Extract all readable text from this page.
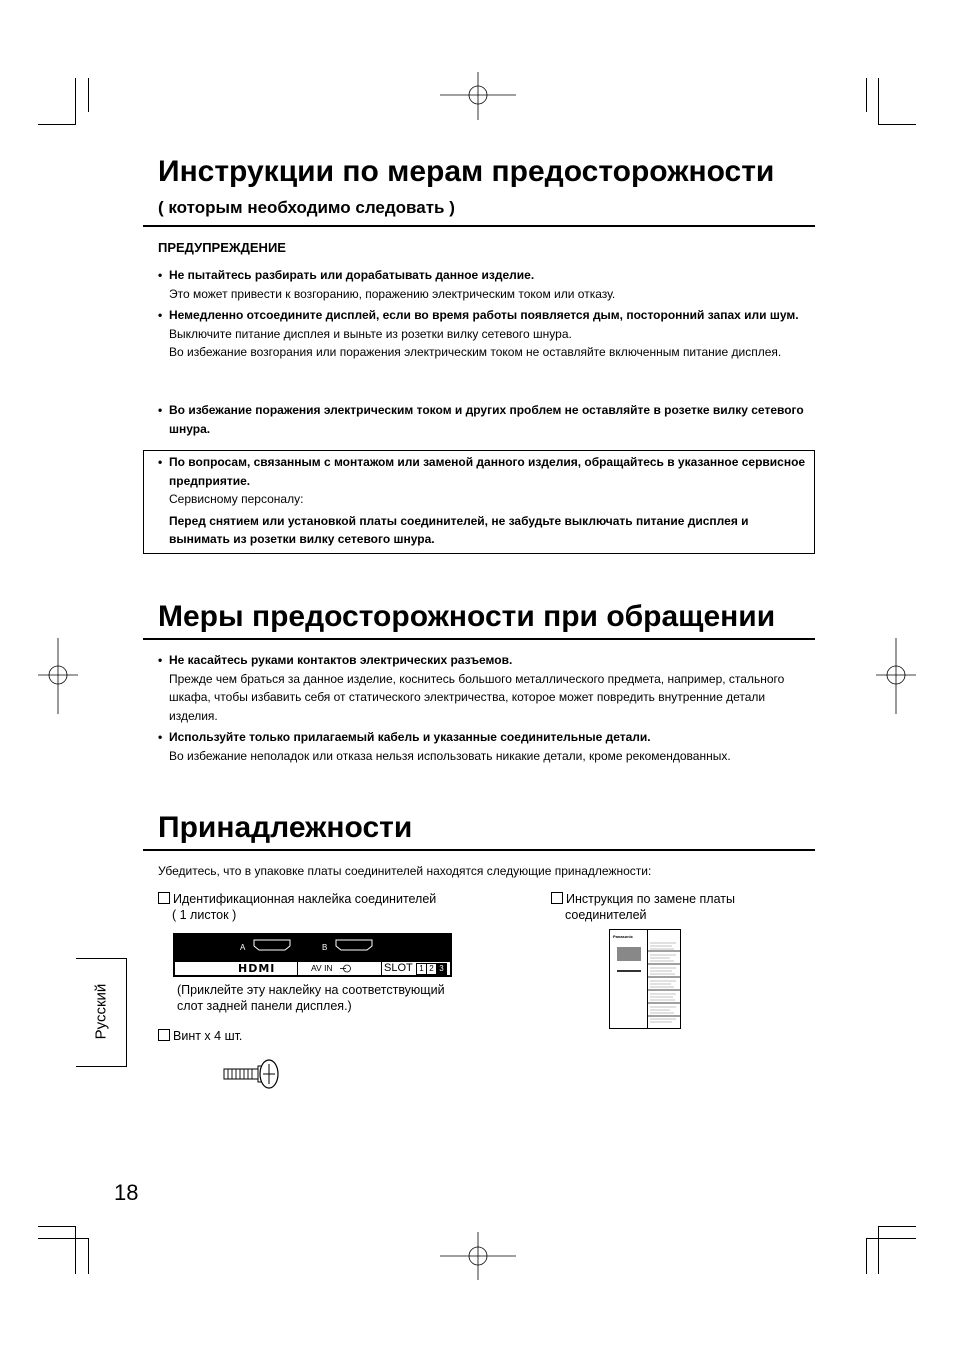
Инструкции по мерам предосторожности
( которым необходимо следовать )
ПРЕДУПРЕЖДЕНИЕ
• Не пытайтесь разбирать или дорабатывать данное изделие.

Это может привести к возгоранию, поражению электрическим током или отказу.

• Немедленно отсоедините дисплей, если во время работы появляется дым, посторонний запах или шум.

Выключите питание дисплея и выньте из розетки вилку сетевого шнура.

Во избежание возгорания или поражения электрическим током не оставляйте включенным питание дисплея.

• Во избежание поражения электрическим током и других проблем не оставляйте в розетке вилку сетевого шнура.

• По вопросам, связанным с монтажом или заменой данного изделия, обращайтесь в указанное сервисное предприятие.

Сервисному персоналу:

Перед снятием или установкой платы соединителей, не забудьте выключать питание дисплея и вынимать из розетки вилку сетевого шнура.

Меры предосторожности при обращении
• Не касайтесь руками контактов электрических разъемов.

Прежде чем браться за данное изделие, коснитесь большого металлического предмета, например, стального шкафа, чтобы избавить себя от статического электричества, которое может повредить внутренние детали изделия.

• Используйте только прилагаемый кабель и указанные соединительные детали.

Во избежание неполадок или отказа нельзя использовать никакие детали, кроме рекомендованных.

Принадлежности
Убедитесь, что в упаковке платы соединителей находятся следующие принадлежности:
Идентификационная наклейка соединителей
( 1 листок )
A	B
HDMI	AV IN	SLOT 1 2 3
(Приклейте эту наклейку на соответствующий
слот задней панели дисплея.)
Винт x 4 шт.
Инструкция по замене платы
соединителей
Panasonic
Русский
18
